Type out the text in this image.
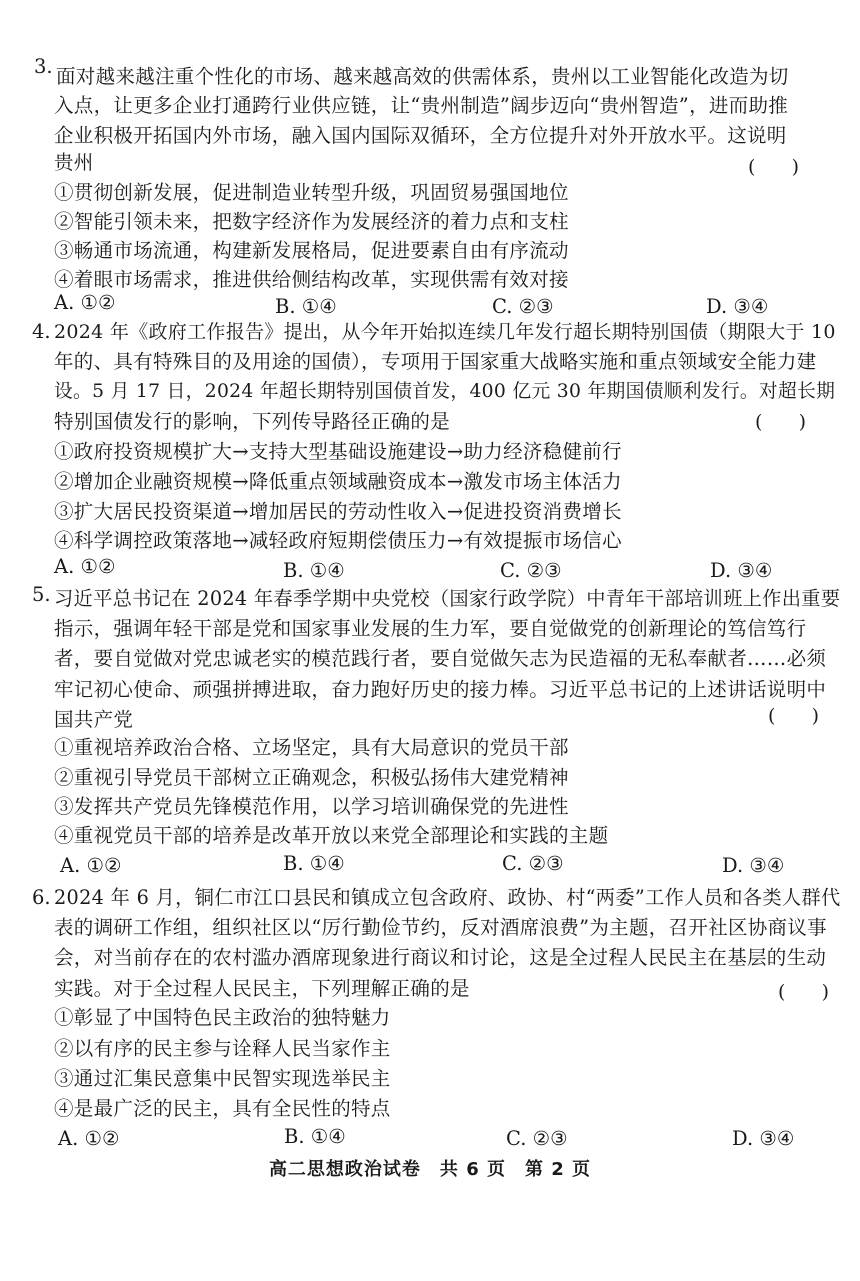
3. 面对越来越注重个性化的市场、越来越高效的供需体系，贵州以工业智能化改造为切
入点，让更多企业打通跨行业供应链，让“贵州制造”阔步迈向“贵州智造”，进而助推
企业积极开拓国内外市场，融入国内国际双循环，全方位提升对外开放水平。这说明
贵州	(      )
①贯彻创新发展，促进制造业转型升级，巩固贸易强国地位
②智能引领未来，把数字经济作为发展经济的着力点和支柱
③畅通市场流通，构建新发展格局，促进要素自由有序流动
④着眼市场需求，推进供给侧结构改革，实现供需有效对接
A. ①②	B. ①④	C. ②③	D. ③④
4. 2024 年《政府工作报告》提出，从今年开始拟连续几年发行超长期特别国债（期限大于 10
年的、具有特殊目的及用途的国债），专项用于国家重大战略实施和重点领域安全能力建
设。5 月 17 日，2024 年超长期特别国债首发，400 亿元 30 年期国债顺利发行。对超长期
特别国债发行的影响，下列传导路径正确的是	(      )
①政府投资规模扩大→支持大型基础设施建设→助力经济稳健前行
②增加企业融资规模→降低重点领域融资成本→激发市场主体活力
③扩大居民投资渠道→增加居民的劳动性收入→促进投资消费增长
④科学调控政策落地→减轻政府短期偿债压力→有效提振市场信心
A. ①②	B. ①④	C. ②③	D. ③④
5. 习近平总书记在 2024 年春季学期中央党校（国家行政学院）中青年干部培训班上作出重要
指示，强调年轻干部是党和国家事业发展的生力军，要自觉做党的创新理论的笃信笃行
者，要自觉做对党忠诚老实的模范践行者，要自觉做矢志为民造福的无私奉献者……必须
牢记初心使命、顽强拼搏进取，奋力跑好历史的接力棒。习近平总书记的上述讲话说明中
国共产党	(      )
①重视培养政治合格、立场坚定，具有大局意识的党员干部
②重视引导党员干部树立正确观念，积极弘扬伟大建党精神
③发挥共产党员先锋模范作用，以学习培训确保党的先进性
④重视党员干部的培养是改革开放以来党全部理论和实践的主题
A. ①②	B. ①④	C. ②③	D. ③④
6. 2024 年 6 月，铜仁市江口县民和镇成立包含政府、政协、村“两委”工作人员和各类人群代
表的调研工作组，组织社区以“厉行勤俭节约，反对酒席浪费”为主题，召开社区协商议事
会，对当前存在的农村滥办酒席现象进行商议和讨论，这是全过程人民民主在基层的生动
实践。对于全过程人民民主，下列理解正确的是	(      )
①彰显了中国特色民主政治的独特魅力
②以有序的民主参与诠释人民当家作主
③通过汇集民意集中民智实现选举民主
④是最广泛的民主，具有全民性的特点
A. ①②	B. ①④	C. ②③	D. ③④
高二思想政治试卷　共 6 页　第 2 页
